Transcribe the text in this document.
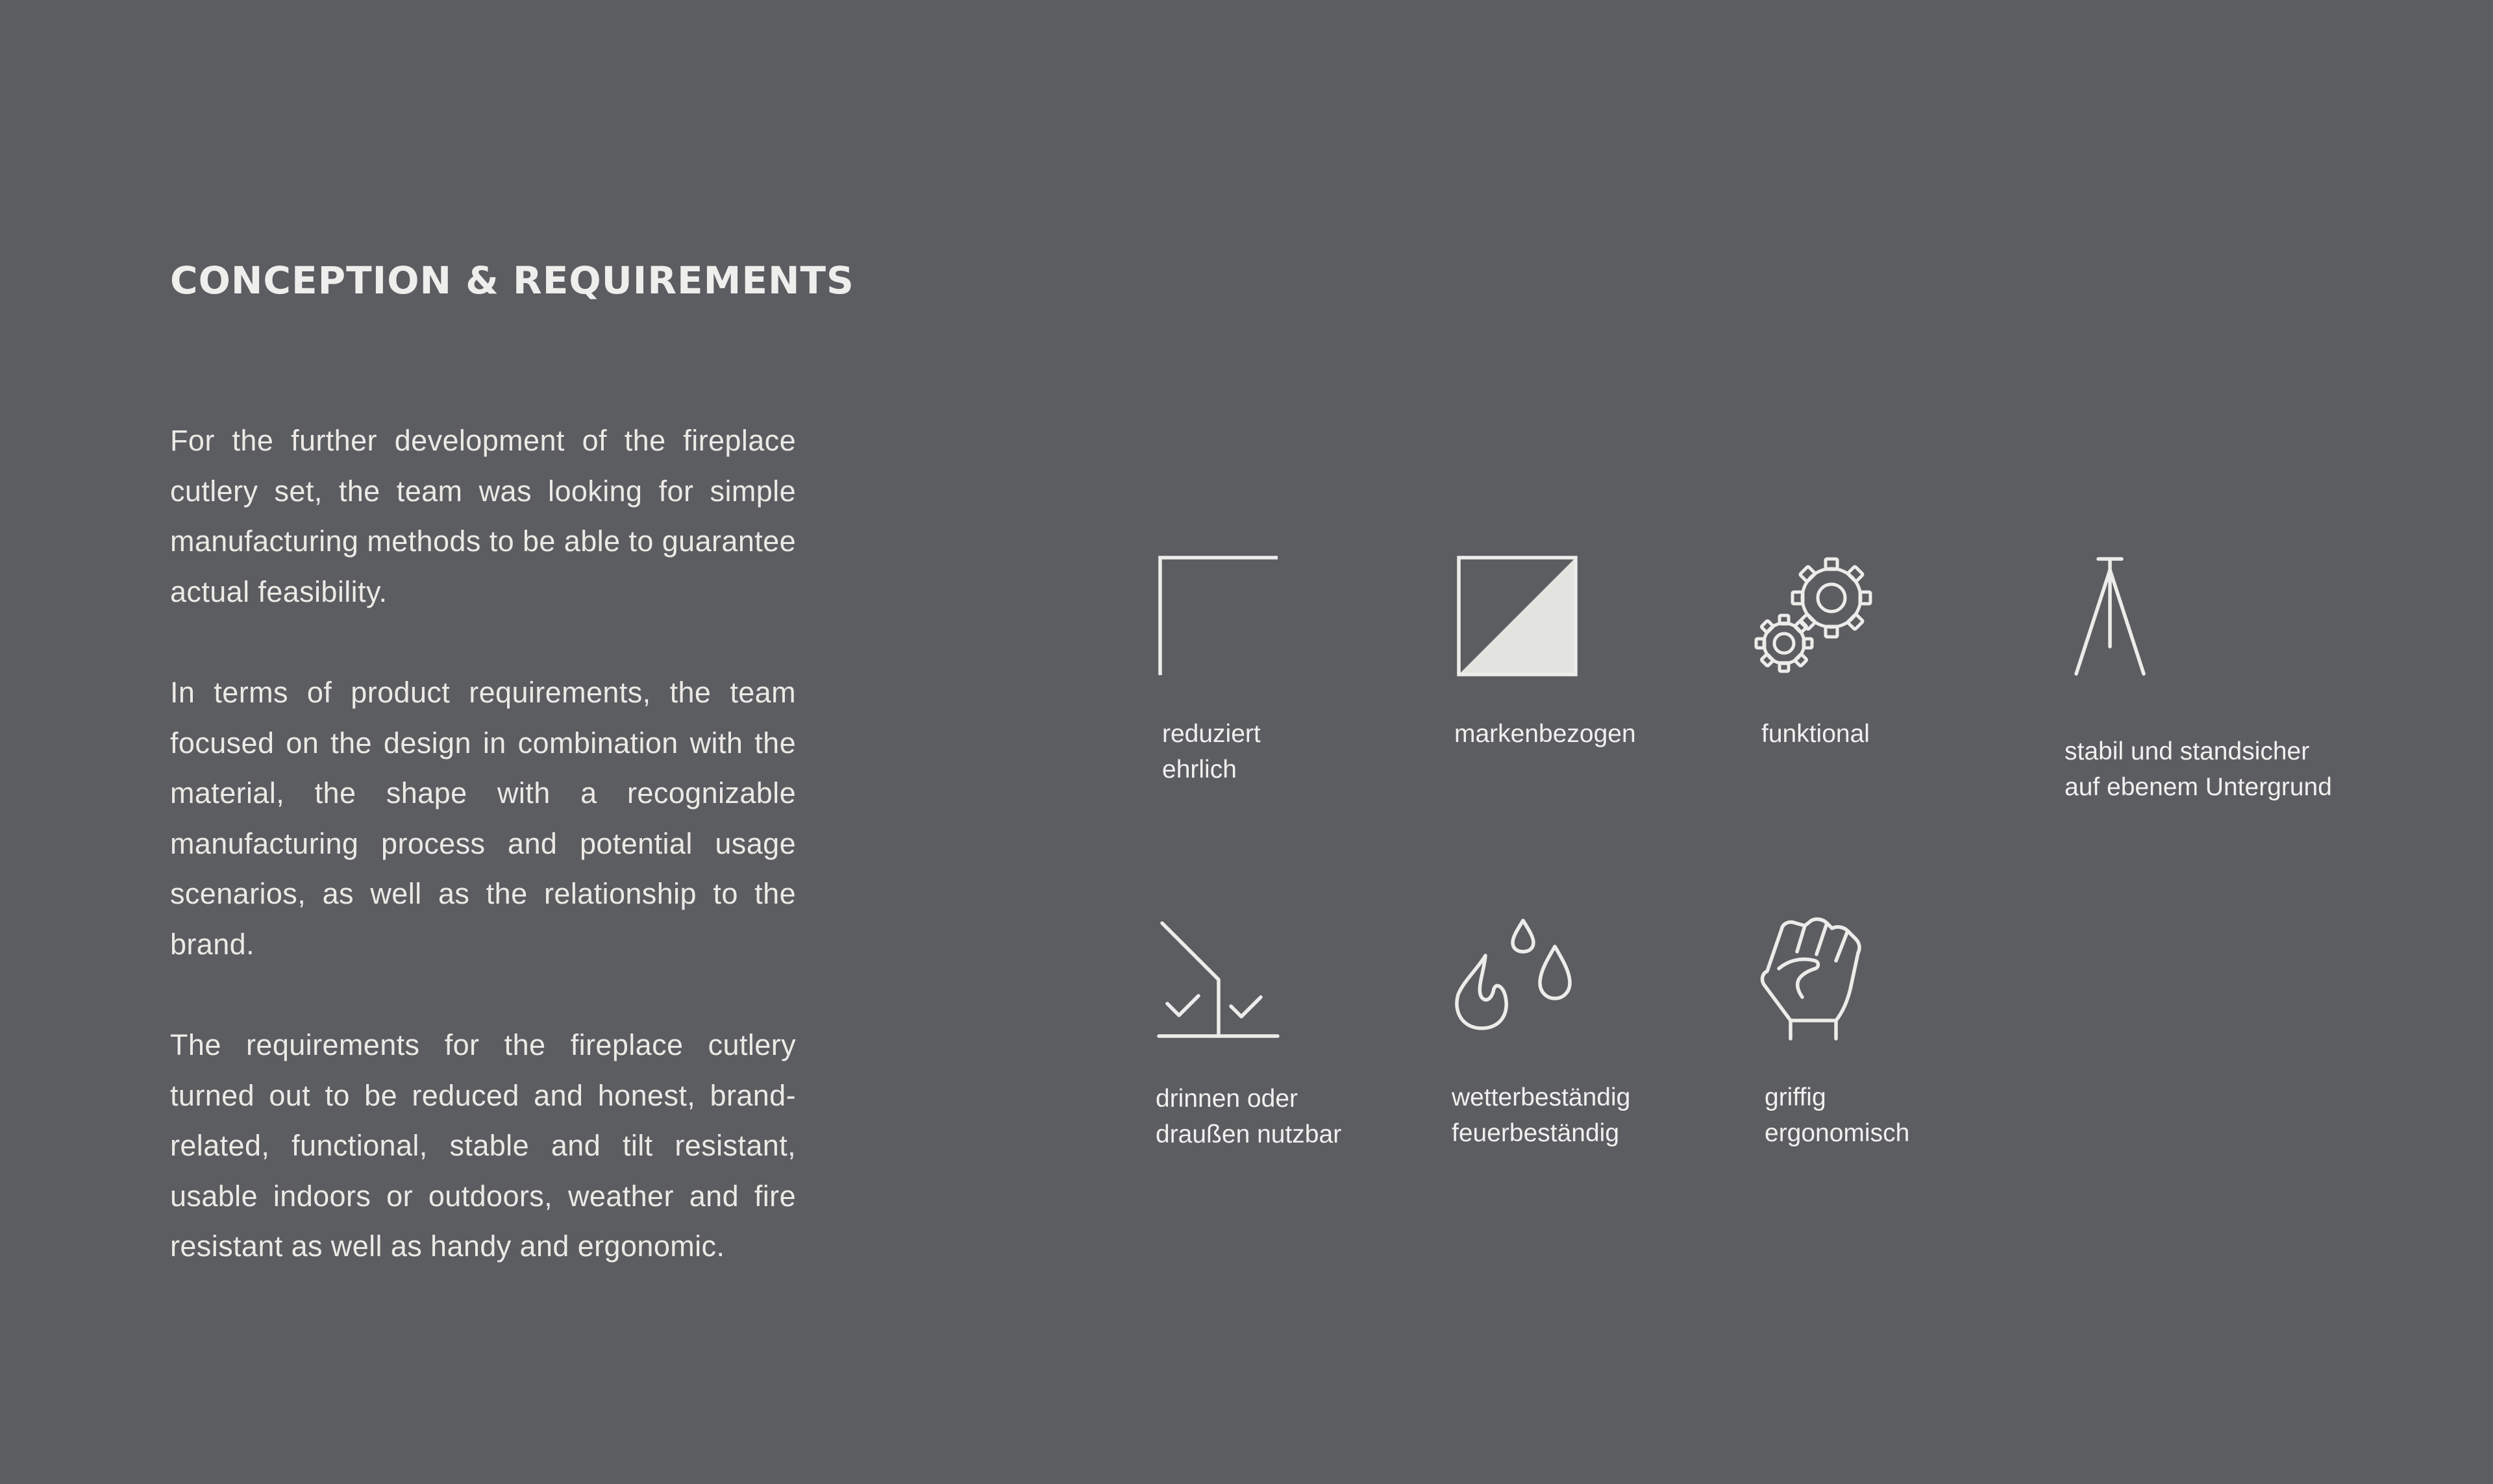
CONCEPTION & REQUIREMENTS

For the further development of the fireplace cutlery set, the team was looking for simple manufacturing methods to be able to guarantee actual feasibility.

In terms of product requirements, the team focused on the design in combination with the material, the shape with a recognizable manufacturing process and potential usage scenarios, as well as the relationship to the brand.

The requirements for the fireplace cutlery turned out to be reduced and honest, brand-related, functional, stable and tilt resistant, usable indoors or outdoors, weather and fire resistant as well as handy and ergonomic.

reduziert
ehrlich
markenbezogen	funktional
stabil und standsicher
auf ebenem Untergrund
drinnen oder
draußen nutzbar
wetterbeständig
feuerbeständig
griffig
ergonomisch
